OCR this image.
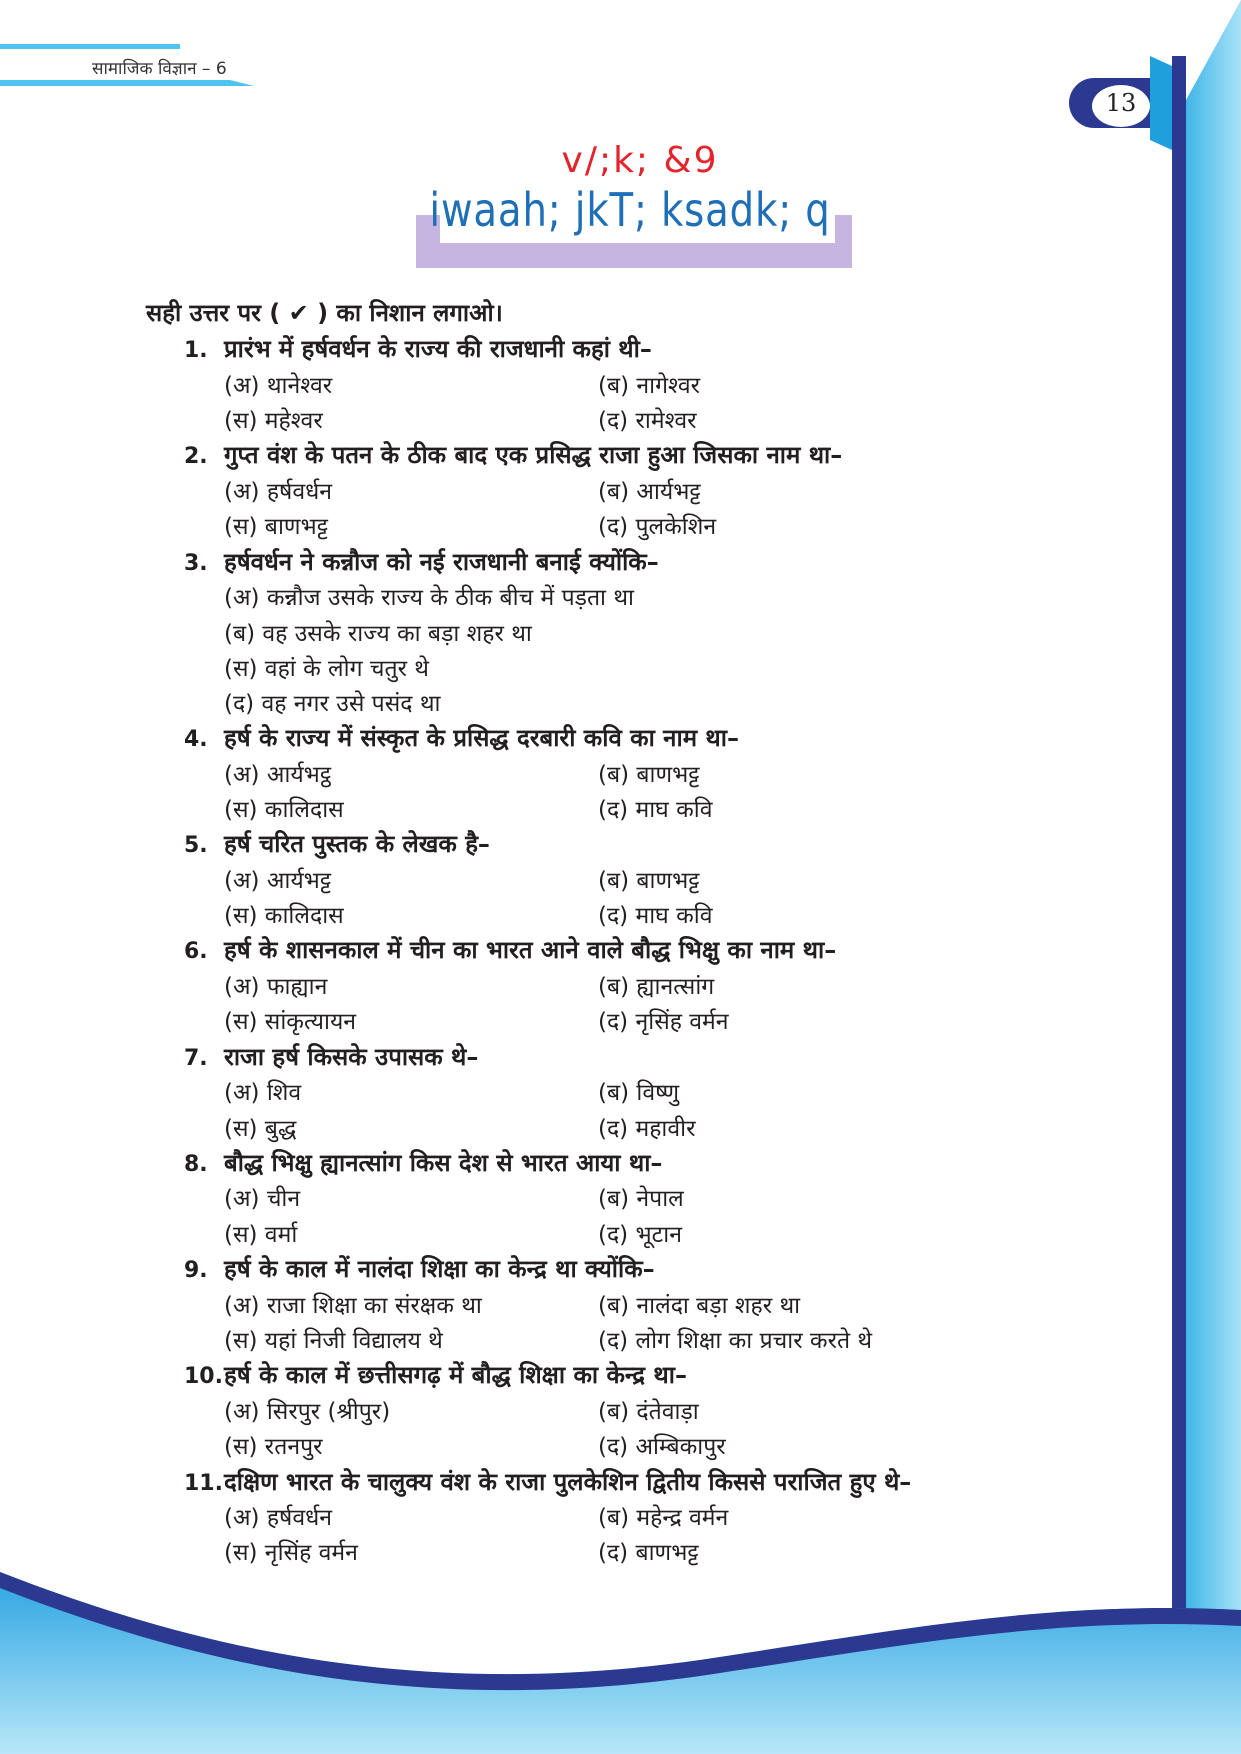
सामाजिक विज्ञान – 6
13
v/;k; &9
iwaah; jkT; ksadk; q
सही उत्तर पर ( ✔ ) का निशान लगाओ।
1. प्रारंभ में हर्षवर्धन के राज्य की राजधानी कहां थी–
(अ) थानेश्वर	(ब) नागेश्वर
(स) महेश्वर	(द) रामेश्वर
2. गुप्त वंश के पतन के ठीक बाद एक प्रसिद्ध राजा हुआ जिसका नाम था–
(अ) हर्षवर्धन	(ब) आर्यभट्ट
(स) बाणभट्ट	(द) पुलकेशिन
3. हर्षवर्धन ने कन्नौज को नई राजधानी बनाई क्योंकि–
(अ) कन्नौज उसके राज्य के ठीक बीच में पड़ता था
(ब) वह उसके राज्य का बड़ा शहर था
(स) वहां के लोग चतुर थे
(द) वह नगर उसे पसंद था
4. हर्ष के राज्य में संस्कृत के प्रसिद्ध दरबारी कवि का नाम था–
(अ) आर्यभट्ठ	(ब) बाणभट्ट
(स) कालिदास	(द) माघ कवि
5. हर्ष चरित पुस्तक के लेखक है–
(अ) आर्यभट्ट	(ब) बाणभट्ट
(स) कालिदास	(द) माघ कवि
6. हर्ष के शासनकाल में चीन का भारत आने वाले बौद्ध भिक्षु का नाम था–
(अ) फाह्यान	(ब) ह्यानत्सांग
(स) सांकृत्यायन	(द) नृसिंह वर्मन
7. राजा हर्ष किसके उपासक थे–
(अ) शिव	(ब) विष्णु
(स) बुद्ध	(द) महावीर
8. बौद्ध भिक्षु ह्यानत्सांग किस देश से भारत आया था–
(अ) चीन	(ब) नेपाल
(स) वर्मा	(द) भूटान
9. हर्ष के काल में नालंदा शिक्षा का केन्द्र था क्योंकि–
(अ) राजा शिक्षा का संरक्षक था	(ब) नालंदा बड़ा शहर था
(स) यहां निजी विद्यालय थे	(द) लोग शिक्षा का प्रचार करते थे
10.हर्ष के काल में छत्तीसगढ़ में बौद्ध शिक्षा का केन्द्र था–
(अ) सिरपुर (श्रीपुर)	(ब) दंतेवाड़ा
(स) रतनपुर	(द) अम्बिकापुर
11.दक्षिण भारत के चालुक्य वंश के राजा पुलकेशिन द्वितीय किससे पराजित हुए थे–
(अ) हर्षवर्धन	(ब) महेन्द्र वर्मन
(स) नृसिंह वर्मन	(द) बाणभट्ट
